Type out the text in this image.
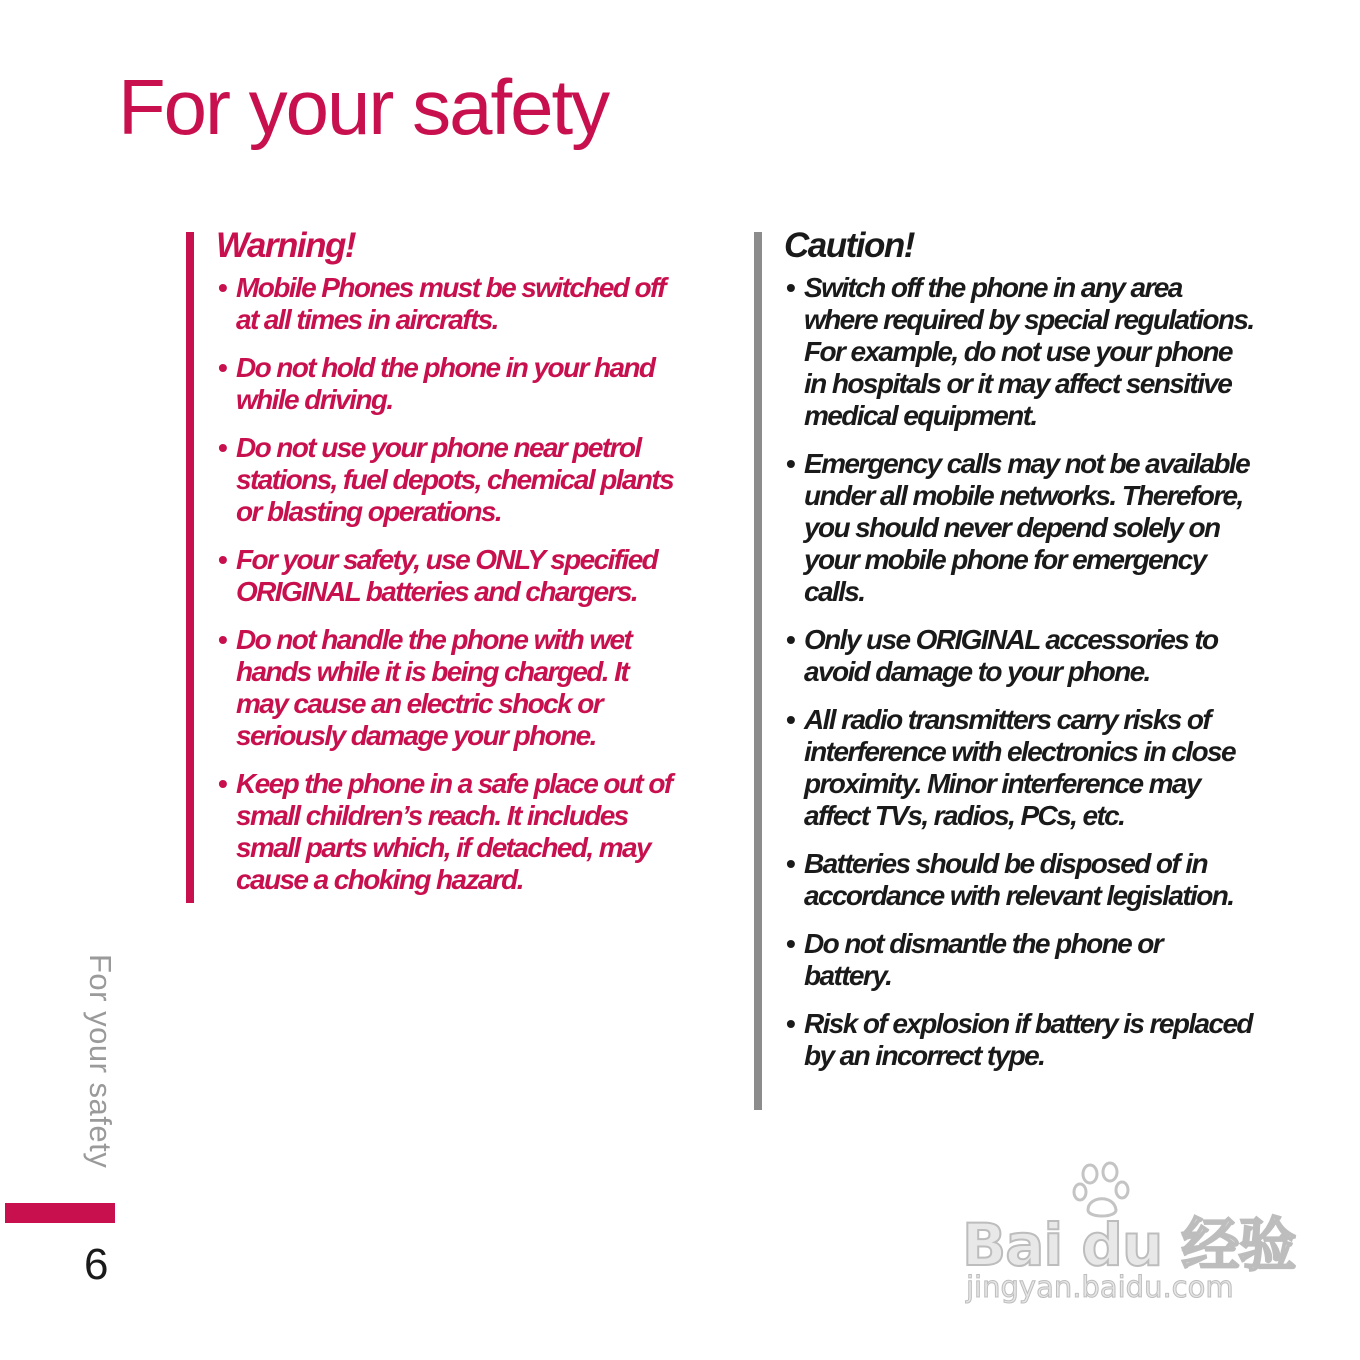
For your safety
Warning!
• Mobile Phones must be switched off at all times in aircrafts.
• Do not hold the phone in your hand while driving.
• Do not use your phone near petrol stations, fuel depots, chemical plants or blasting operations.
• For your safety, use ONLY specified ORIGINAL batteries and chargers.
• Do not handle the phone with wet hands while it is being charged. It may cause an electric shock or seriously damage your phone.
• Keep the phone in a safe place out of small children’s reach. It includes small parts which, if detached, may cause a choking hazard.
Caution!
• Switch off the phone in any area where required by special regulations. For example, do not use your phone in hospitals or it may affect sensitive medical equipment.
• Emergency calls may not be available under all mobile networks. Therefore, you should never depend solely on your mobile phone for emergency calls.
• Only use ORIGINAL accessories to avoid damage to your phone.
• All radio transmitters carry risks of interference with electronics in close proximity. Minor interference may affect TVs, radios, PCs, etc.
• Batteries should be disposed of in accordance with relevant legislation.
• Do not dismantle the phone or battery.
• Risk of explosion if battery is replaced by an incorrect type.
For your safety
6	Bai du 经验
jingyan.baidu.com
